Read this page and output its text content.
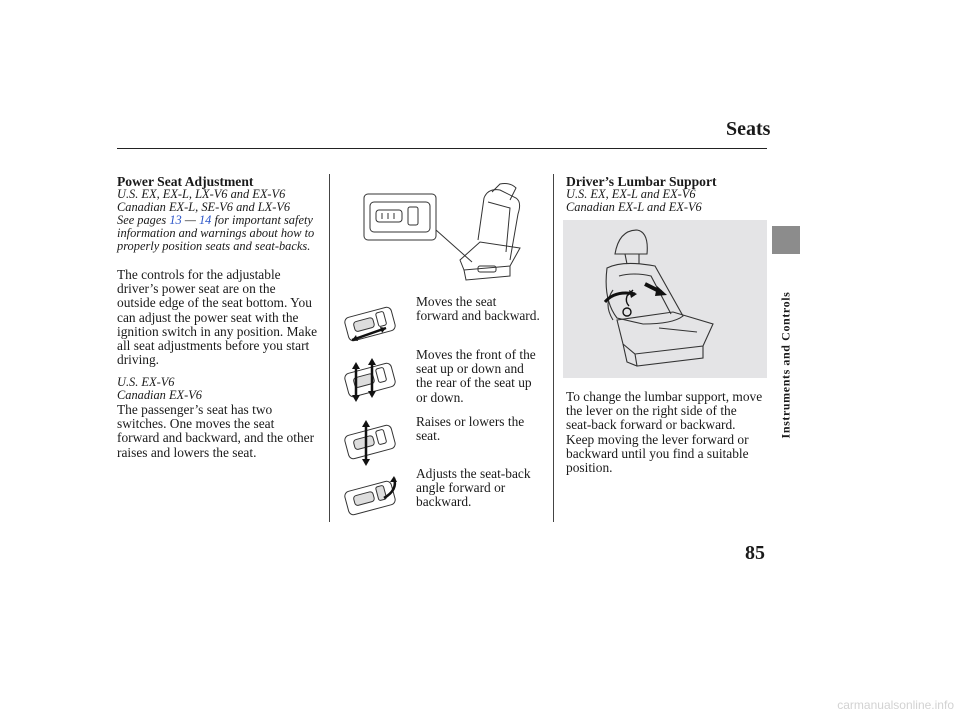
Seats
Instruments and Controls
Power Seat Adjustment
U.S. EX, EX-L, LX-V6 and EX-V6
Canadian EX-L, SE-V6 and LX-V6
See pages 13 — 14 for important safety
information and warnings about how to
properly position seats and seat-backs.
The controls for the adjustable
driver’s power seat are on the
outside edge of the seat bottom. You
can adjust the power seat with the
ignition switch in any position. Make
all seat adjustments before you start
driving.
U.S. EX-V6
Canadian EX-V6
The passenger’s seat has two
switches. One moves the seat
forward and backward, and the other
raises and lowers the seat.
Moves the seat
forward and backward.
Moves the front of the
seat up or down and
the rear of the seat up
or down.
Raises or lowers the
seat.
Adjusts the seat-back
angle forward or
backward.
Driver’s Lumbar Support
U.S. EX, EX-L and EX-V6
Canadian EX-L and EX-V6
To change the lumbar support, move
the lever on the right side of the
seat-back forward or backward.
Keep moving the lever forward or
backward until you find a suitable
position.
85
carmanualsonline.info
